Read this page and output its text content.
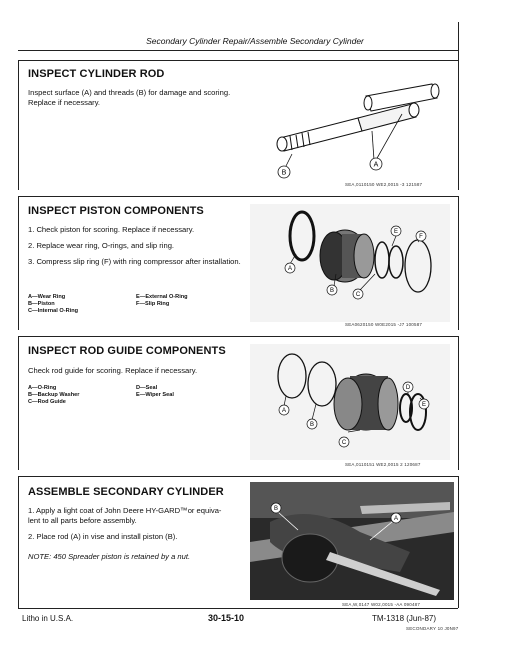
Secondary Cylinder Repair/Assemble Secondary Cylinder
INSPECT CYLINDER ROD
Inspect surface (A) and threads (B) for damage and scoring.
Replace if necessary.
B
A
SEA,0110150 WE2,0015 -3 121587
INSPECT PISTON COMPONENTS
1. Check piston for scoring. Replace if necessary.
2. Replace wear ring, O-rings, and slip ring.
3. Compress slip ring (F) with ring compressor after installation.
A—Wear Ring
B—Piston
C—Internal O-Ring
E—External O-Ring
F—Slip Ring
A
B
C
E
F
SEA0620150 W0E2015 -J7 100587
INSPECT ROD GUIDE COMPONENTS
Check rod guide for scoring. Replace if necessary.
A—O-Ring
B—Backup Washer
C—Rod Guide
D—Seal
E—Wiper Seal
A
B
C
D
E
SEA,0110151 WE2,0015 2 120687
ASSEMBLE SECONDARY CYLINDER
1. Apply a light coat of John Deere HY-GARD™or equiva-
lent to all parts before assembly.
2. Place rod (A) in vise and install piston (B).
NOTE: 450 Spreader piston is retained by a nut.
B
A
SEA,W,0147 W02,0015 -AA 090487
Litho in U.S.A.	30-15-10	TM-1318 (Jun-87)
SECONDARY 10 J0N97
